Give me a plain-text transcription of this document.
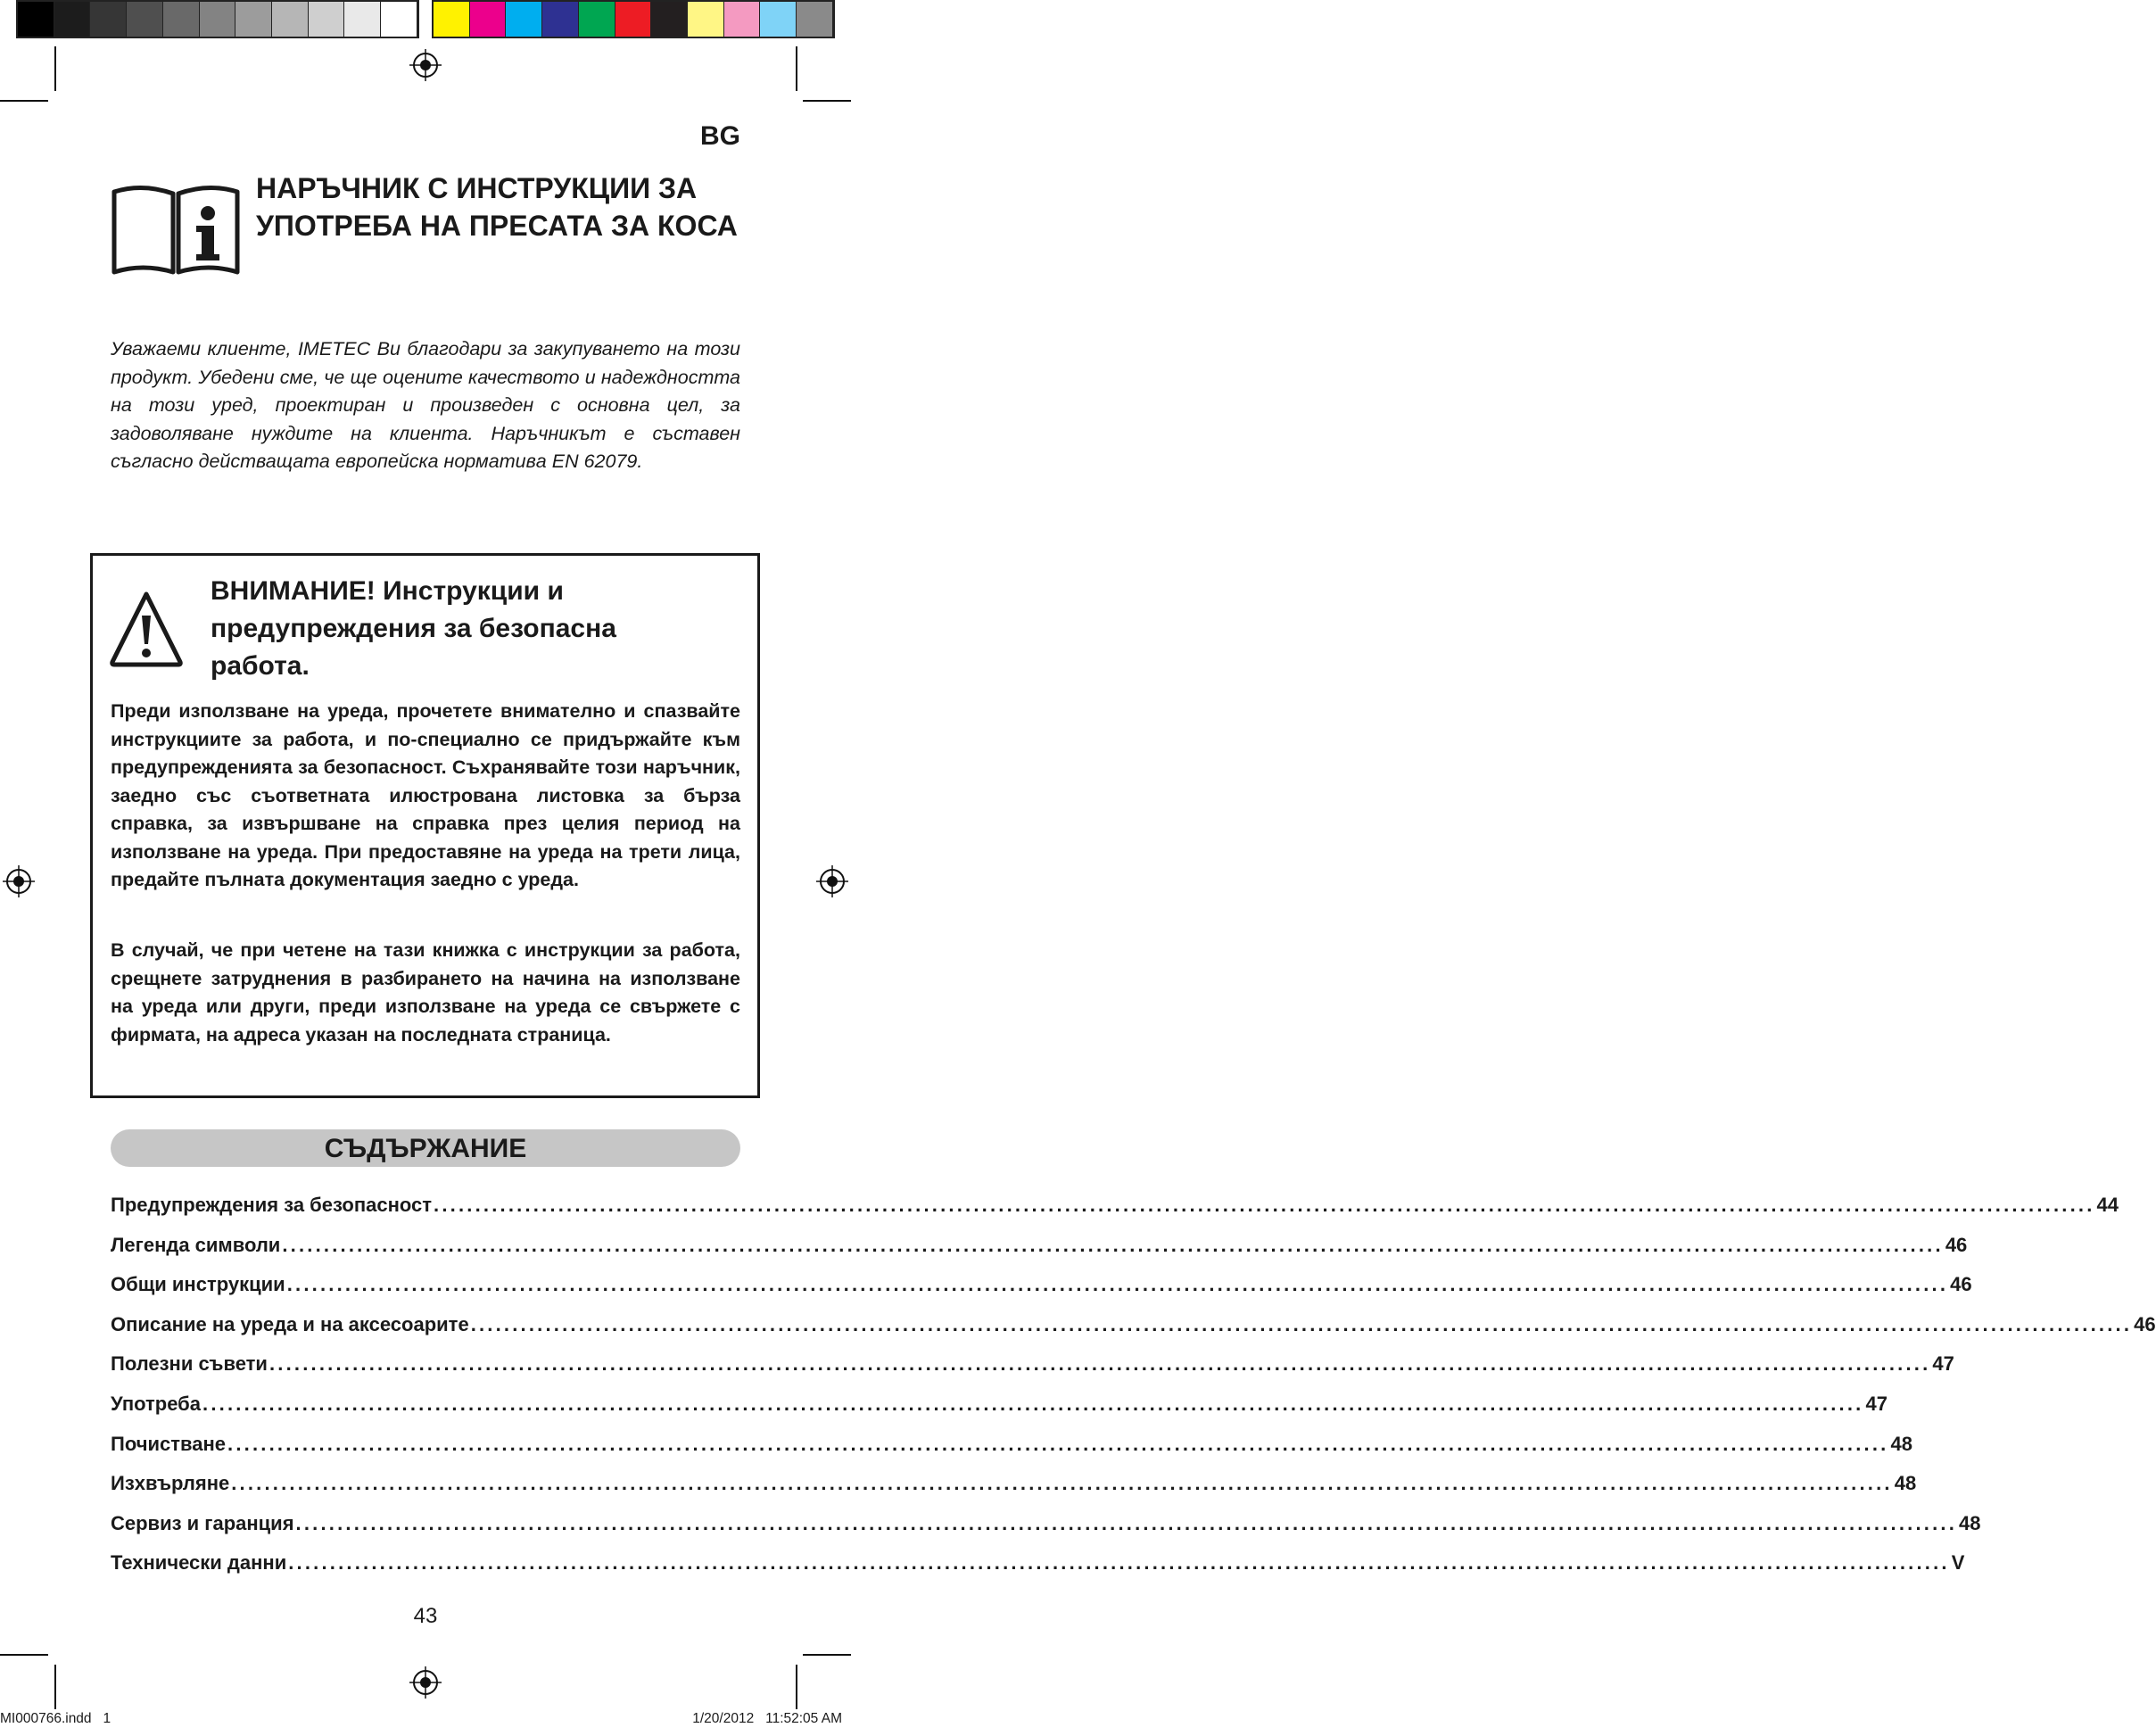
BG
НАРЪЧНИК С ИНСТРУКЦИИ ЗА УПОТРЕБА НА ПРЕСАТА ЗА КОСА
Уважаеми клиенте, IMETEC Ви благодари за закупуването на този продукт. Убедени сме, че ще оцените качеството и надеждността на този уред, проектиран и произведен с основна цел, за задоволяване нуждите на клиента. Наръчникът е съставен съгласно действащата европейска нормативa EN 62079.
ВНИМАНИЕ! Инструкции и предупреждения за безопасна работа.
Преди използване на уреда, прочетете внимателно и спазвайте инструкциите за работа, и по-специално се придържайте към предупрежденията за безопасност. Съхранявайте този наръчник, заедно със съответната илюстрована листовка за бърза справка, за извършване на справка през целия период на използване на уреда. При предоставяне на уреда на трети лица, предайте пълната документация заедно с уреда.
В случай, че при четене на тази книжка с инструкции за работа, срещнете затруднения в разбирането на начина на използване на уреда или други, преди използване на уреда се свържете с фирмата, на адреса указан на последната страница.
СЪДЪРЖАНИЕ
Предупреждения за безопасност ........................................................................................................................................................................................................ 44
Легенда символи ........................................................................................................................................................................................................ 46
Общи инструкции ........................................................................................................................................................................................................ 46
Описание на уреда и на аксесоарите ........................................................................................................................................................................................................ 46
Полезни съвети ........................................................................................................................................................................................................ 47
Употреба ........................................................................................................................................................................................................ 47
Почистване ........................................................................................................................................................................................................ 48
Изхвърляне ........................................................................................................................................................................................................ 48
Сервиз и гаранция ........................................................................................................................................................................................................ 48
Технически данни ........................................................................................................................................................................................................ V
43
MI000766.indd   1	1/20/2012   11:52:05 AM
